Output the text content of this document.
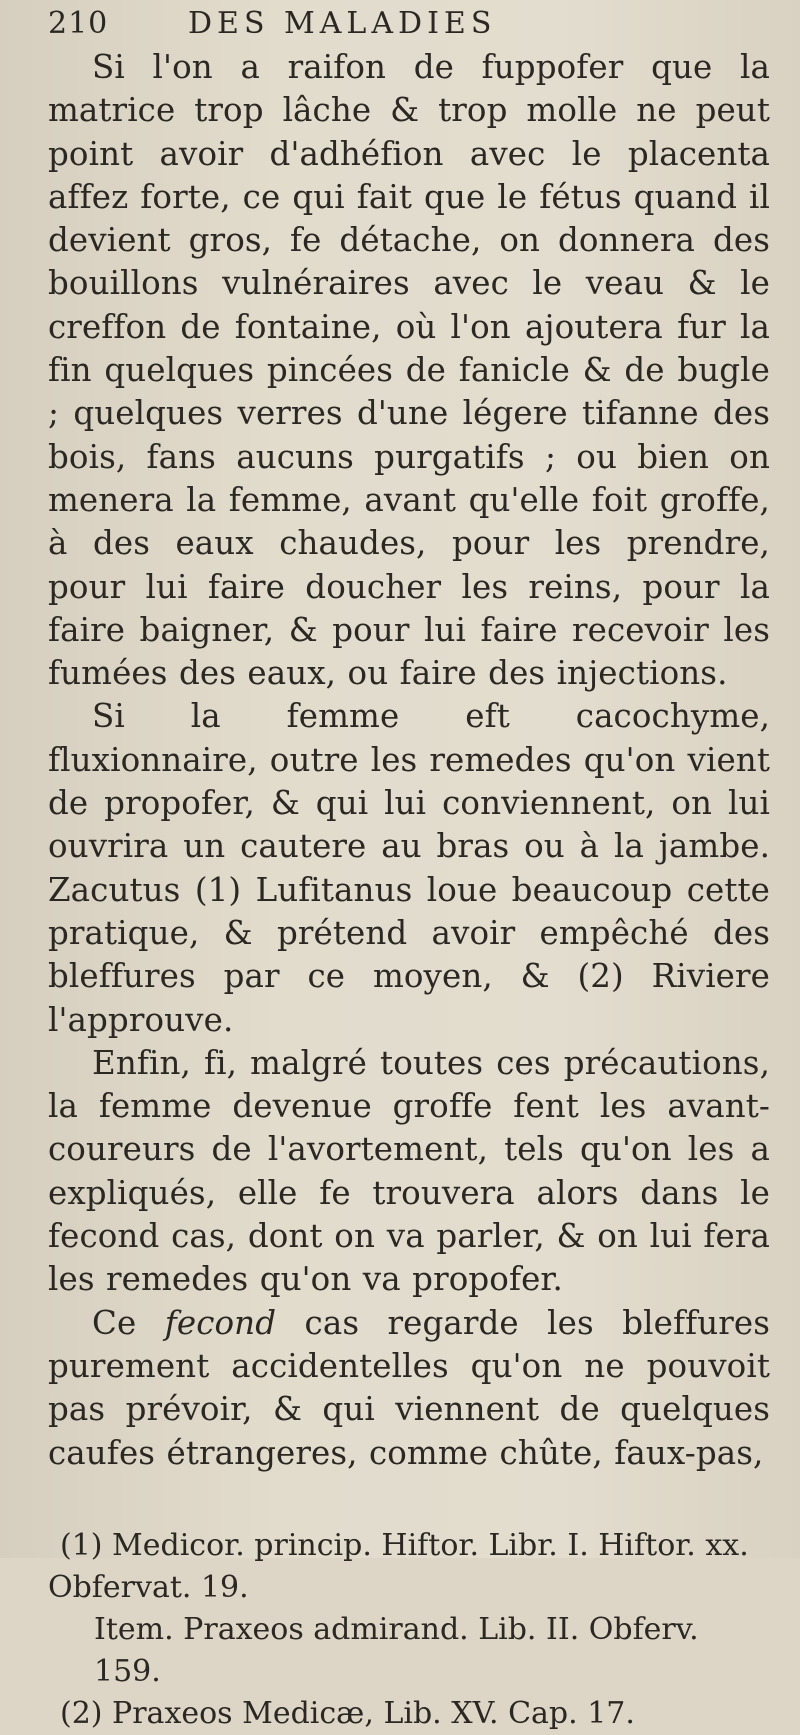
210	DES MALADIES

Si l'on a raifon de fuppofer que la matrice trop lâche & trop molle ne peut point avoir d'adhéfion avec le placenta affez forte, ce qui fait que le fétus quand il devient gros, fe détache, on donnera des bouillons vulnéraires avec le veau & le creffon de fontaine, où l'on ajoutera fur la fin quelques pincées de fanicle & de bugle ; quelques verres d'une légere tifanne des bois, fans aucuns purgatifs ; ou bien on menera la femme, avant qu'elle foit groffe, à des eaux chaudes, pour les prendre, pour lui faire doucher les reins, pour la faire baigner, & pour lui faire recevoir les fumées des eaux, ou faire des injections.

Si la femme eft cacochyme, fluxionnaire, outre les remedes qu'on vient de propofer, & qui lui conviennent, on lui ouvrira un cautere au bras ou à la jambe. Zacutus (1) Lufitanus loue beaucoup cette pratique, & prétend avoir empêché des bleffures par ce moyen, & (2) Riviere l'approuve.

Enfin, fi, malgré toutes ces précautions, la femme devenue groffe fent les avant-coureurs de l'avortement, tels qu'on les a expliqués, elle fe trouvera alors dans le fecond cas, dont on va parler, & on lui fera les remedes qu'on va propofer.

Ce fecond cas regarde les bleffures purement accidentelles qu'on ne pouvoit pas prévoir, & qui viennent de quelques caufes étrangeres, comme chûte, faux-pas,

(1) Medicor. princip. Hiftor. Libr. I. Hiftor. xx.

Obfervat. 19.

Item. Praxeos admirand. Lib. II. Obferv. 159.

(2) Praxeos Medicæ, Lib. XV. Cap. 17.
